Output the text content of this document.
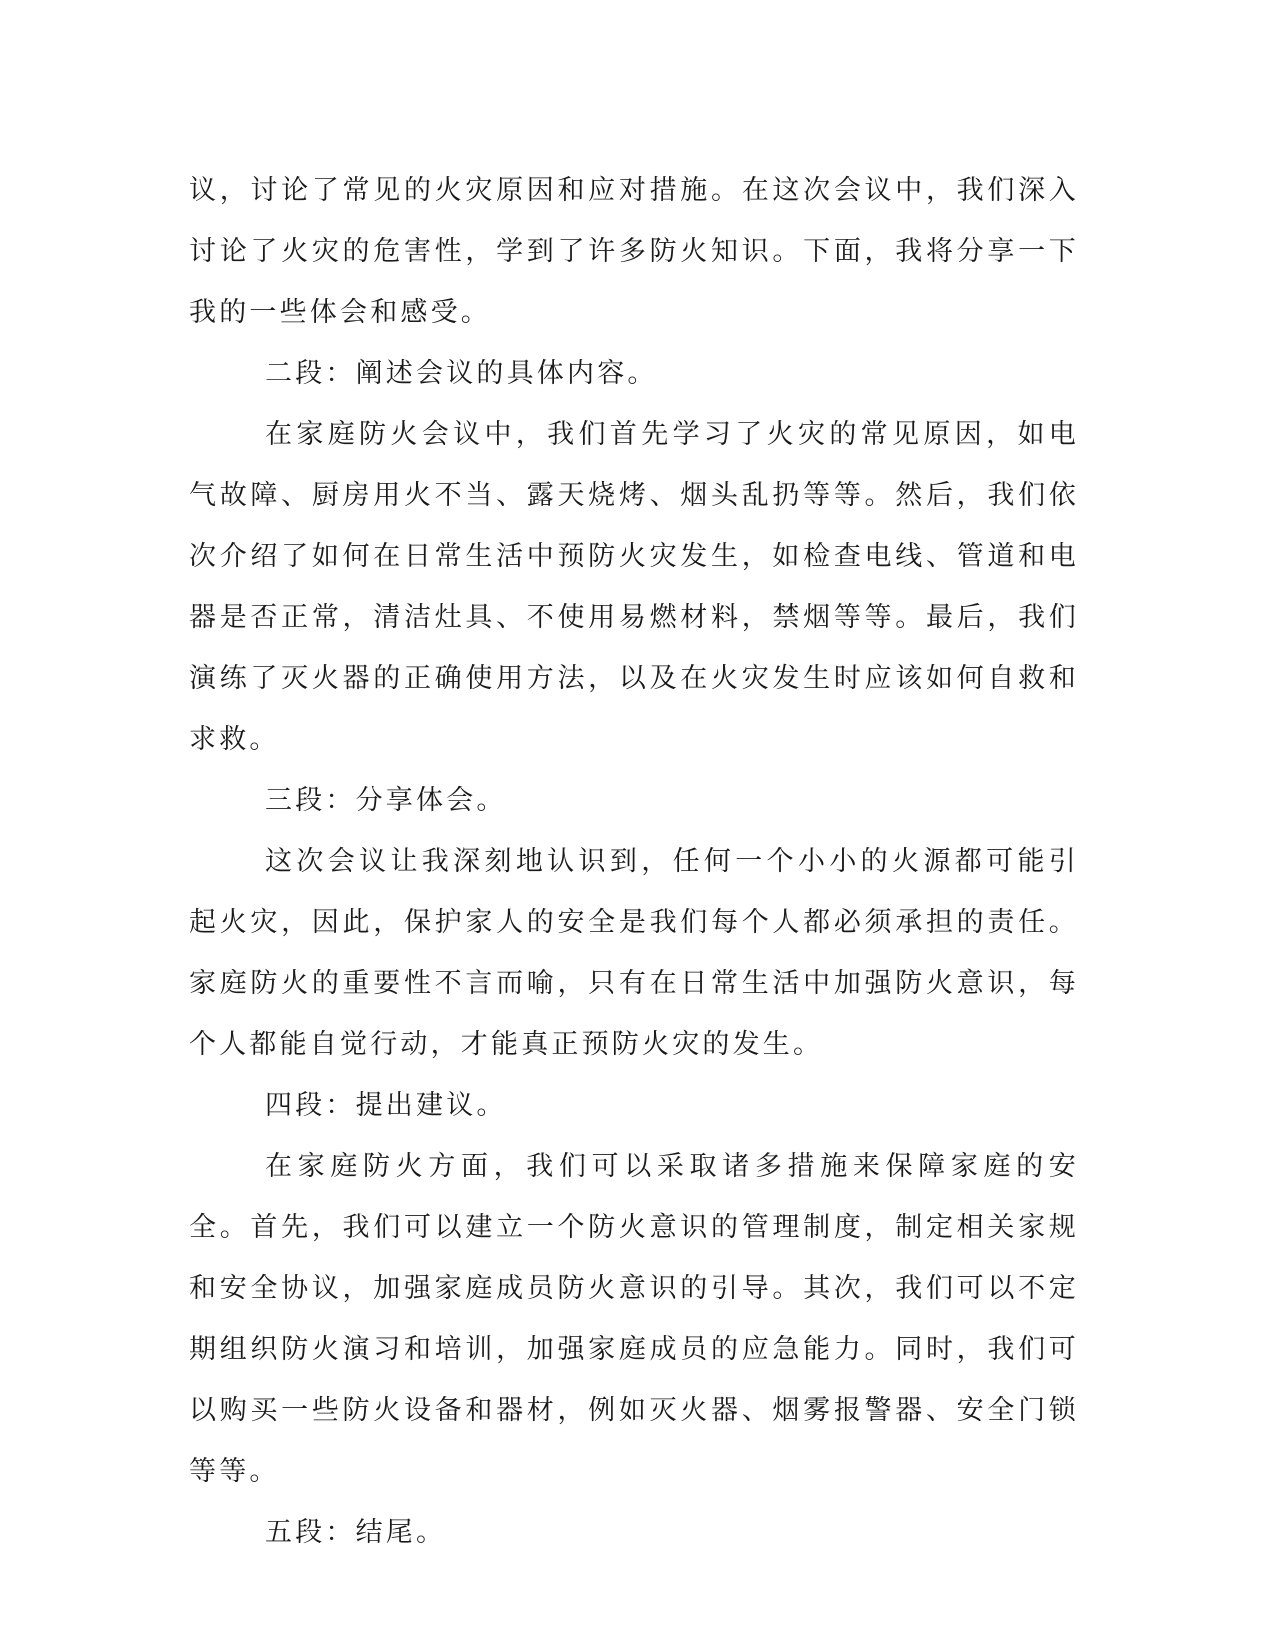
议，讨论了常见的火灾原因和应对措施。在这次会议中，我们深入讨论了火灾的危害性，学到了许多防火知识。下面，我将分享一下我的一些体会和感受。

二段：阐述会议的具体内容。

在家庭防火会议中，我们首先学习了火灾的常见原因，如电气故障、厨房用火不当、露天烧烤、烟头乱扔等等。然后，我们依次介绍了如何在日常生活中预防火灾发生，如检查电线、管道和电器是否正常，清洁灶具、不使用易燃材料，禁烟等等。最后，我们演练了灭火器的正确使用方法，以及在火灾发生时应该如何自救和求救。

三段：分享体会。

这次会议让我深刻地认识到，任何一个小小的火源都可能引起火灾，因此，保护家人的安全是我们每个人都必须承担的责任。家庭防火的重要性不言而喻，只有在日常生活中加强防火意识，每个人都能自觉行动，才能真正预防火灾的发生。

四段：提出建议。

在家庭防火方面，我们可以采取诸多措施来保障家庭的安全。首先，我们可以建立一个防火意识的管理制度，制定相关家规和安全协议，加强家庭成员防火意识的引导。其次，我们可以不定期组织防火演习和培训，加强家庭成员的应急能力。同时，我们可以购买一些防火设备和器材，例如灭火器、烟雾报警器、安全门锁等等。

五段：结尾。
